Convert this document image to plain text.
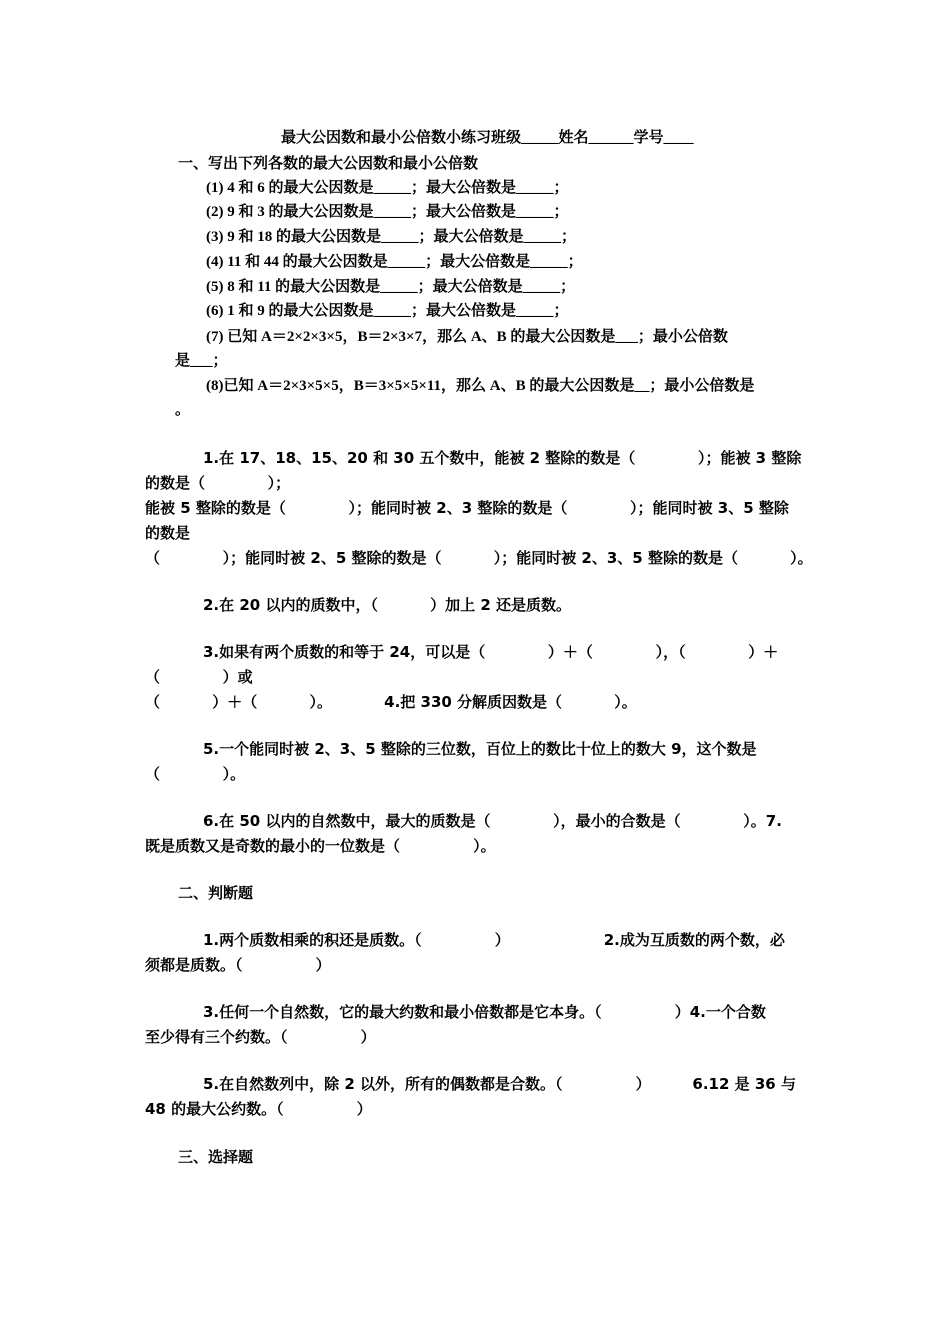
最大公因数和最小公倍数小练习班级_____姓名______学号____
一、写出下列各数的最大公因数和最小公倍数
(1) 4 和 6 的最大公因数是_____；最大公倍数是_____；
(2) 9 和 3 的最大公因数是_____；最大公倍数是_____；
(3) 9 和 18 的最大公因数是_____；最大公倍数是_____；
(4) 11 和 44 的最大公因数是_____；最大公倍数是_____；
(5) 8 和 11 的最大公因数是_____；最大公倍数是_____；
(6) 1 和 9 的最大公因数是_____；最大公倍数是_____；
(7) 已知 A＝2×2×3×5，B＝2×3×7，那么 A、B 的最大公因数是___；最小公倍数
是___；
(8)已知 A＝2×3×5×5，B＝3×5×5×11，那么 A、B 的最大公因数是__；最小公倍数是
。
1.在 17、18、15、20 和 30 五个数中，能被 2 整除的数是（            ）；能被 3 整除
的数是（            ）；
能被 5 整除的数是（            ）；能同时被 2、3 整除的数是（            ）；能同时被 3、5 整除
的数是
（            ）；能同时被 2、5 整除的数是（          ）；能同时被 2、3、5 整除的数是（          ）。
2.在 20 以内的质数中，（          ）加上 2 还是质数。
3.如果有两个质数的和等于 24，可以是（            ）＋（            ），（            ）＋
（            ）或
（          ）＋（          ）。          4.把 330 分解质因数是（          ）。
5.一个能同时被 2、3、5 整除的三位数，百位上的数比十位上的数大 9，这个数是
（            ）。
6.在 50 以内的自然数中，最大的质数是（            ），最小的合数是（            ）。7.
既是质数又是奇数的最小的一位数是（              ）。
二、判断题
1.两个质数相乘的积还是质数。（              ）                  2.成为互质数的两个数，必
须都是质数。（              ）
3.任何一个自然数，它的最大约数和最小倍数都是它本身。（              ）4.一个合数
至少得有三个约数。（              ）
5.在自然数列中，除 2 以外，所有的偶数都是合数。（              ）        6.12 是 36 与
48 的最大公约数。（              ）
三、选择题
